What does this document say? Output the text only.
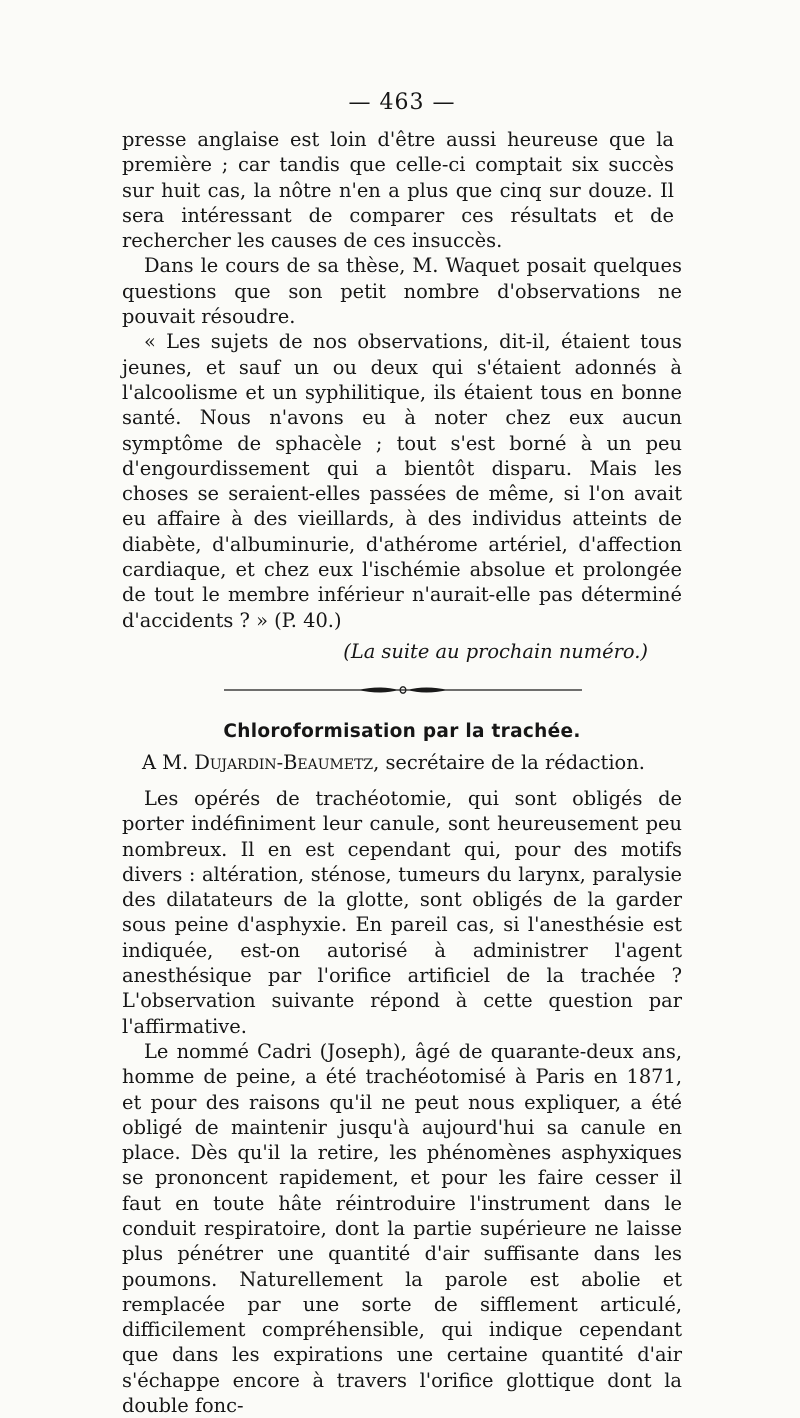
— 463 —

presse anglaise est loin d'être aussi heureuse que la première ; car tandis que celle-ci comptait six succès sur huit cas, la nôtre n'en a plus que cinq sur douze. Il sera intéressant de comparer ces résultats et de rechercher les causes de ces insuccès.

Dans le cours de sa thèse, M. Waquet posait quelques questions que son petit nombre d'observations ne pouvait résoudre.

« Les sujets de nos observations, dit-il, étaient tous jeunes, et sauf un ou deux qui s'étaient adonnés à l'alcoolisme et un syphilitique, ils étaient tous en bonne santé. Nous n'avons eu à noter chez eux aucun symptôme de sphacèle ; tout s'est borné à un peu d'engourdissement qui a bientôt disparu. Mais les choses se seraient-elles passées de même, si l'on avait eu affaire à des vieillards, à des individus atteints de diabète, d'albuminurie, d'athérome artériel, d'affection cardiaque, et chez eux l'ischémie absolue et prolongée de tout le membre inférieur n'aurait-elle pas déterminé d'accidents ? » (P. 40.)

(La suite au prochain numéro.)
Chloroformisation par la trachée.
A M. Dujardin-Beaumetz, secrétaire de la rédaction.

Les opérés de trachéotomie, qui sont obligés de porter indéfiniment leur canule, sont heureusement peu nombreux. Il en est cependant qui, pour des motifs divers : altération, sténose, tumeurs du larynx, paralysie des dilatateurs de la glotte, sont obligés de la garder sous peine d'asphyxie. En pareil cas, si l'anesthésie est indiquée, est-on autorisé à administrer l'agent anesthésique par l'orifice artificiel de la trachée ? L'observation suivante répond à cette question par l'affirmative.

Le nommé Cadri (Joseph), âgé de quarante-deux ans, homme de peine, a été trachéotomisé à Paris en 1871, et pour des raisons qu'il ne peut nous expliquer, a été obligé de maintenir jusqu'à aujourd'hui sa canule en place. Dès qu'il la retire, les phénomènes asphyxiques se prononcent rapidement, et pour les faire cesser il faut en toute hâte réintroduire l'instrument dans le conduit respiratoire, dont la partie supérieure ne laisse plus pénétrer une quantité d'air suffisante dans les poumons. Naturellement la parole est abolie et remplacée par une sorte de sifflement articulé, difficilement compréhensible, qui indique cependant que dans les expirations une certaine quantité d'air s'échappe encore à travers l'orifice glottique dont la double fonc-
